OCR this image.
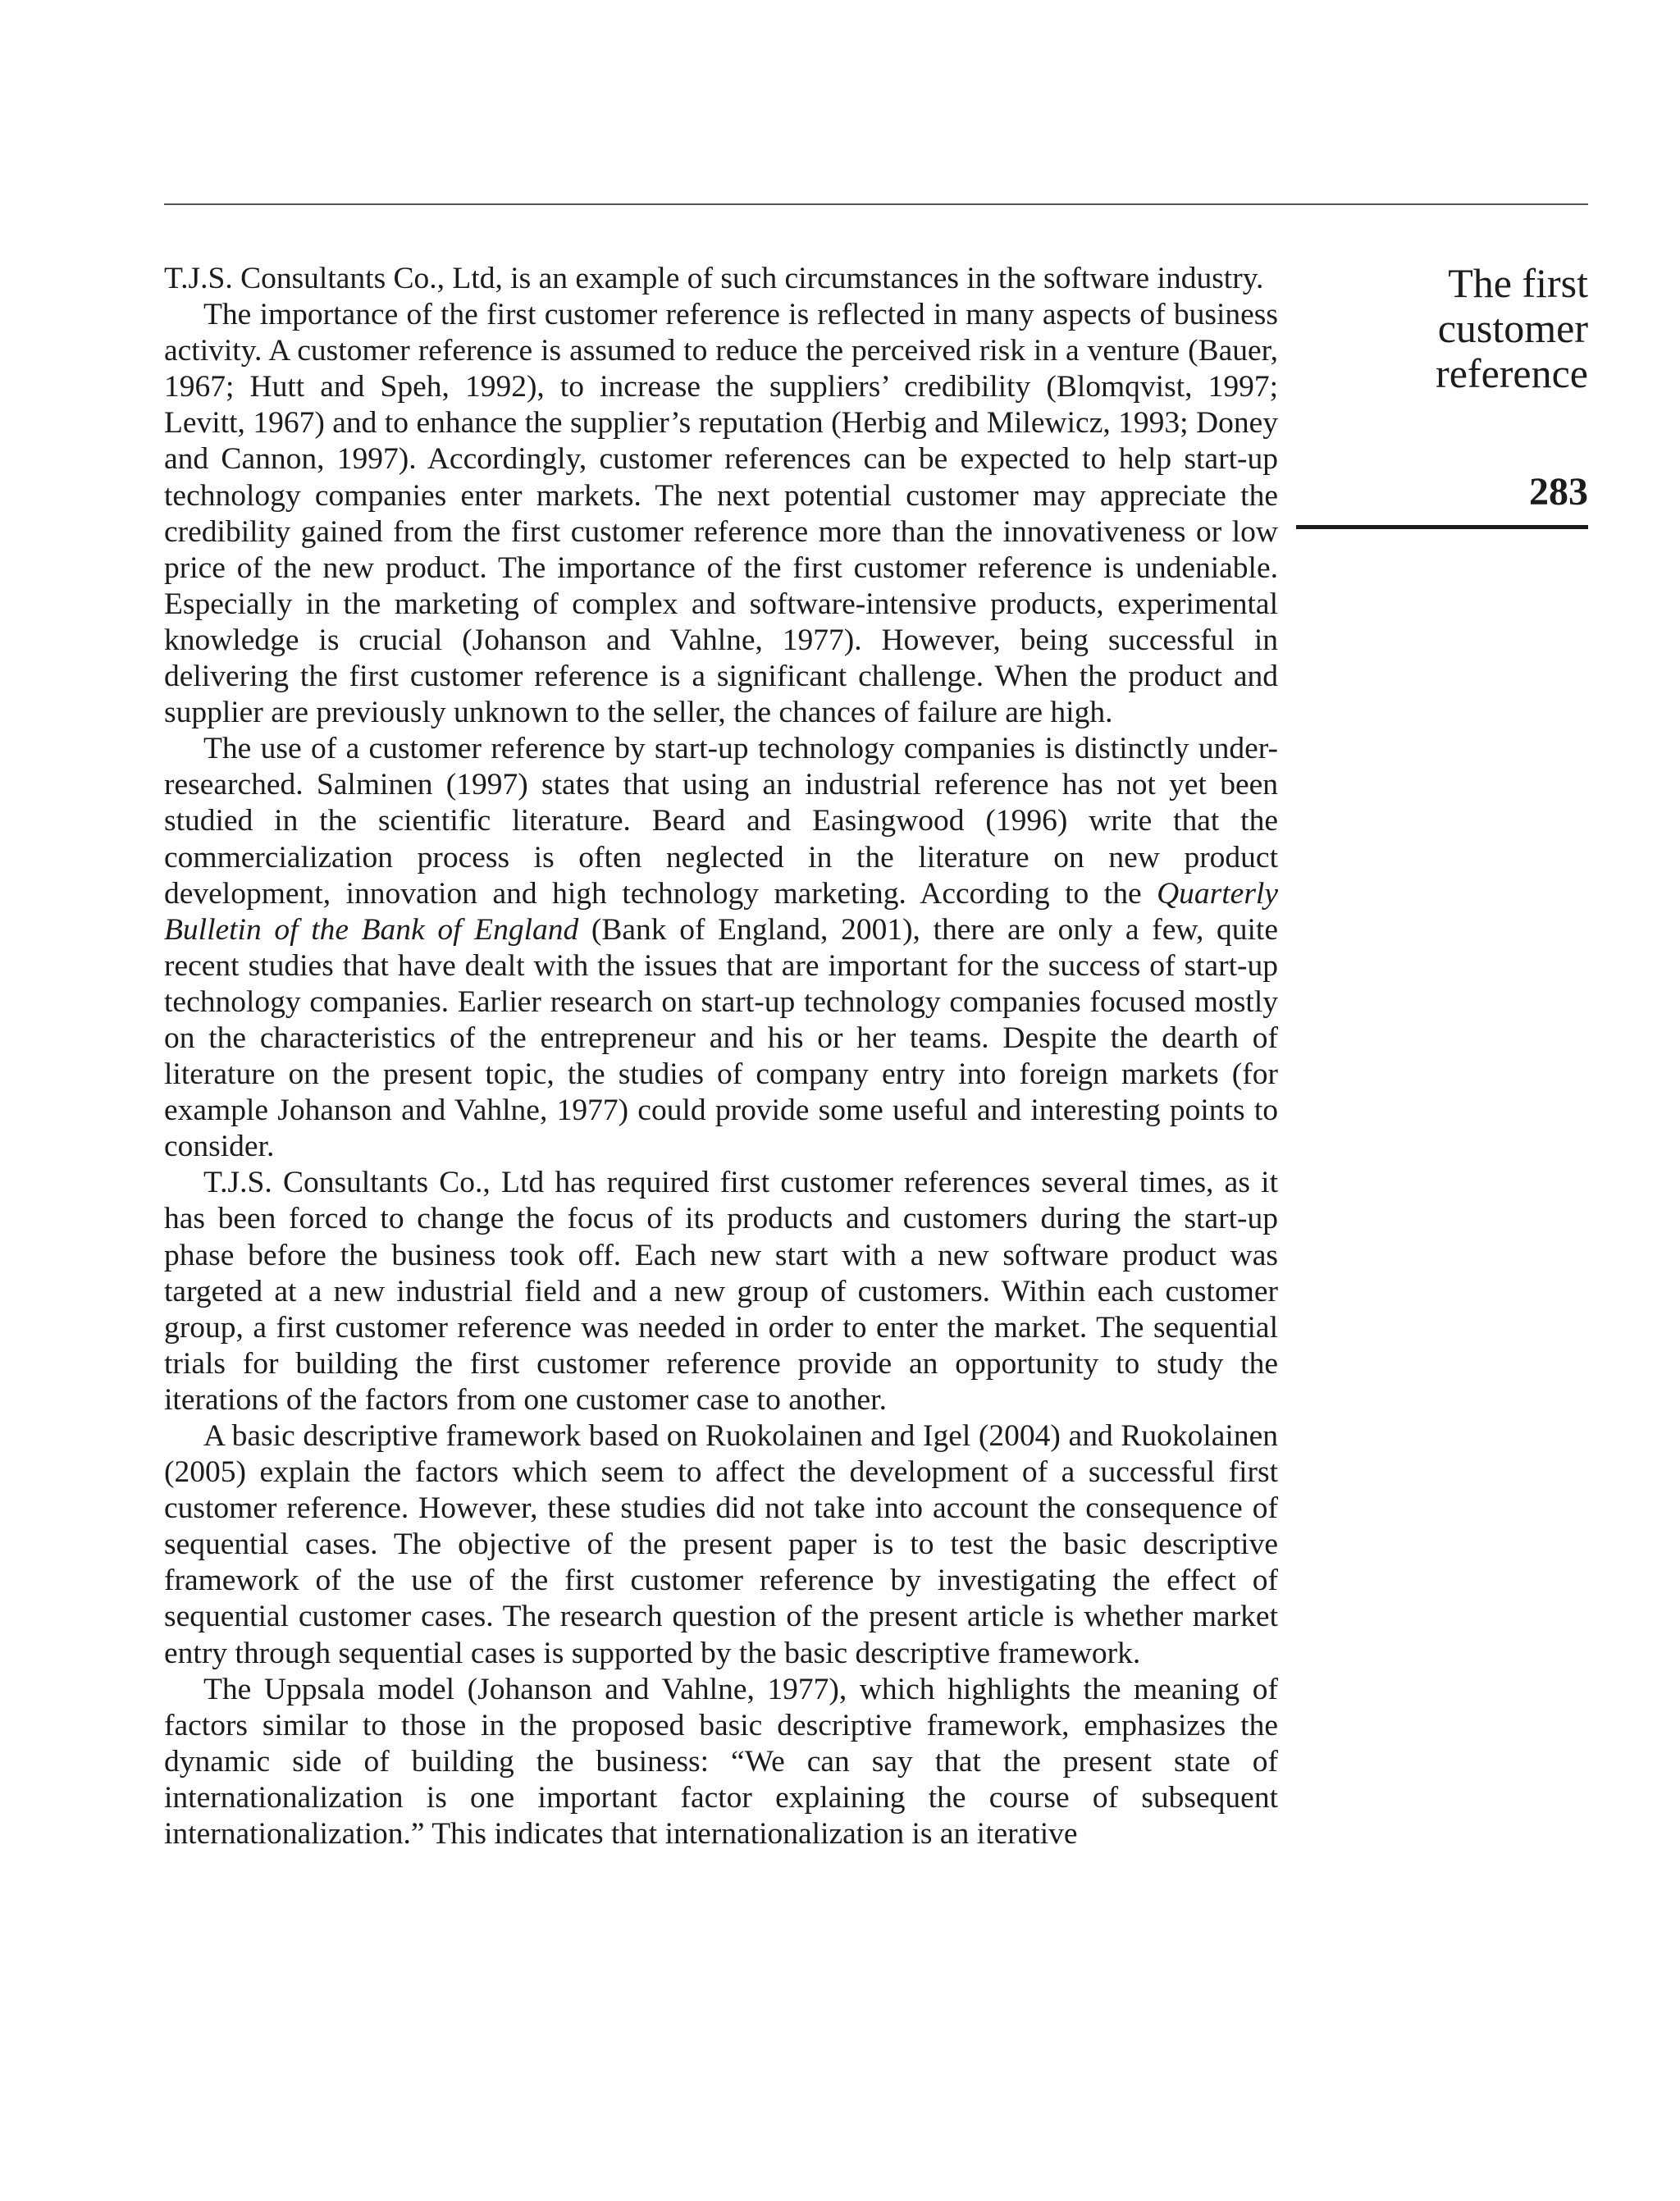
T.J.S. Consultants Co., Ltd, is an example of such circumstances in the software industry.

The importance of the first customer reference is reflected in many aspects of business activity. A customer reference is assumed to reduce the perceived risk in a venture (Bauer, 1967; Hutt and Speh, 1992), to increase the suppliers’ credibility (Blomqvist, 1997; Levitt, 1967) and to enhance the supplier’s reputation (Herbig and Milewicz, 1993; Doney and Cannon, 1997). Accordingly, customer references can be expected to help start-up technology companies enter markets. The next potential customer may appreciate the credibility gained from the first customer reference more than the innovativeness or low price of the new product. The importance of the first customer reference is undeniable. Especially in the marketing of complex and software-intensive products, experimental knowledge is crucial (Johanson and Vahlne, 1977). However, being successful in delivering the first customer reference is a significant challenge. When the product and supplier are previously unknown to the seller, the chances of failure are high.

The use of a customer reference by start-up technology companies is distinctly under-researched. Salminen (1997) states that using an industrial reference has not yet been studied in the scientific literature. Beard and Easingwood (1996) write that the commercialization process is often neglected in the literature on new product development, innovation and high technology marketing. According to the Quarterly Bulletin of the Bank of England (Bank of England, 2001), there are only a few, quite recent studies that have dealt with the issues that are important for the success of start-up technology companies. Earlier research on start-up technology companies focused mostly on the characteristics of the entrepreneur and his or her teams. Despite the dearth of literature on the present topic, the studies of company entry into foreign markets (for example Johanson and Vahlne, 1977) could provide some useful and interesting points to consider.

T.J.S. Consultants Co., Ltd has required first customer references several times, as it has been forced to change the focus of its products and customers during the start-up phase before the business took off. Each new start with a new software product was targeted at a new industrial field and a new group of customers. Within each customer group, a first customer reference was needed in order to enter the market. The sequential trials for building the first customer reference provide an opportunity to study the iterations of the factors from one customer case to another.

A basic descriptive framework based on Ruokolainen and Igel (2004) and Ruokolainen (2005) explain the factors which seem to affect the development of a successful first customer reference. However, these studies did not take into account the consequence of sequential cases. The objective of the present paper is to test the basic descriptive framework of the use of the first customer reference by investigating the effect of sequential customer cases. The research question of the present article is whether market entry through sequential cases is supported by the basic descriptive framework.

The Uppsala model (Johanson and Vahlne, 1977), which highlights the meaning of factors similar to those in the proposed basic descriptive framework, emphasizes the dynamic side of building the business: “We can say that the present state of internationalization is one important factor explaining the course of subsequent internationalization.” This indicates that internationalization is an iterative

The first
customer
reference
283
